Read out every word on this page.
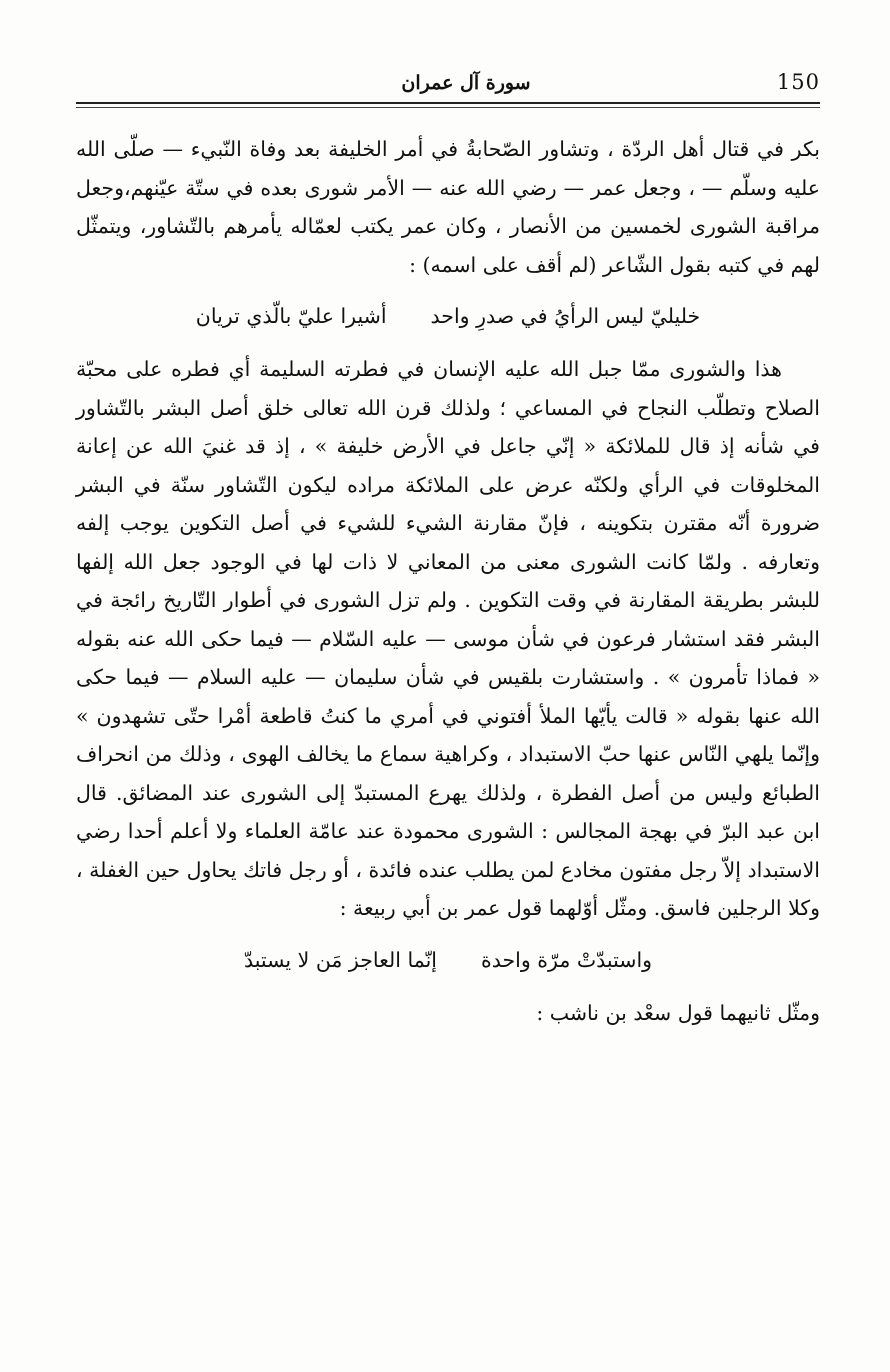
150
سورة آل عمران

بكر في قتال أهل الردّة ، وتشاور الصّحابةُ في أمر الخليفة بعد وفاة النّبيء — صلّى الله عليه وسلّم — ، وجعل عمر — رضي الله عنه — الأمر شورى بعده في ستّة عيّنهم،وجعل مراقبة الشورى لخمسين من الأنصار ، وكان عمر يكتب لعمّاله يأمرهم بالتّشاور، ويتمثّل لهم في كتبه بقول الشّاعر (لم أقف على اسمه) :

خليليّ ليس الرأيُ في صدرِ واحد
أشيرا عليّ بالّذي تريان

هذا والشورى ممّا جبل الله عليه الإنسان في فطرته السليمة أي فطره على محبّة الصلاح وتطلّب النجاح في المساعي ؛ ولذلك قرن الله تعالى خلق أصل البشر بالتّشاور في شأنه إذ قال للملائكة « إنّي جاعل في الأرض خليفة » ، إذ قد غنيَ الله عن إعانة المخلوقات في الرأي ولكنّه عرض على الملائكة مراده ليكون التّشاور سنّة في البشر ضرورة أنّه مقترن بتكوينه ، فإنّ مقارنة الشيء للشيء في أصل التكوين يوجب إلفه وتعارفه . ولمّا كانت الشورى معنى من المعاني لا ذات لها في الوجود جعل الله إلفها للبشر بطريقة المقارنة في وقت التكوين . ولم تزل الشورى في أطوار التّاريخ رائجة في البشر فقد استشار فرعون في شأن موسى — عليه السّلام — فيما حكى الله عنه بقوله « فماذا تأمرون » . واستشارت بلقيس في شأن سليمان — عليه السلام — فيما حكى الله عنها بقوله « قالت يأيّها الملأ أفتوني في أمري ما كنتُ قاطعة أمْرا حتّى تشهدون » وإنّما يلهي النّاس عنها حبّ الاستبداد ، وكراهية سماع ما يخالف الهوى ، وذلك من انحراف الطبائع وليس من أصل الفطرة ، ولذلك يهرع المستبدّ إلى الشورى عند المضائق. قال ابن عبد البرّ في بهجة المجالس : الشورى محمودة عند عامّة العلماء ولا أعلم أحدا رضي الاستبداد إلاّ رجل مفتون مخادع لمن يطلب عنده فائدة ، أو رجل فاتك يحاول حين الغفلة ، وكلا الرجلين فاسق. ومثّل أوّلهما قول عمر بن أبي ربيعة :

واستبدّتْ مرّة واحدة
إنّما العاجز مَن لا يستبدّ

ومثّل ثانيهما قول سعْد بن ناشب :
